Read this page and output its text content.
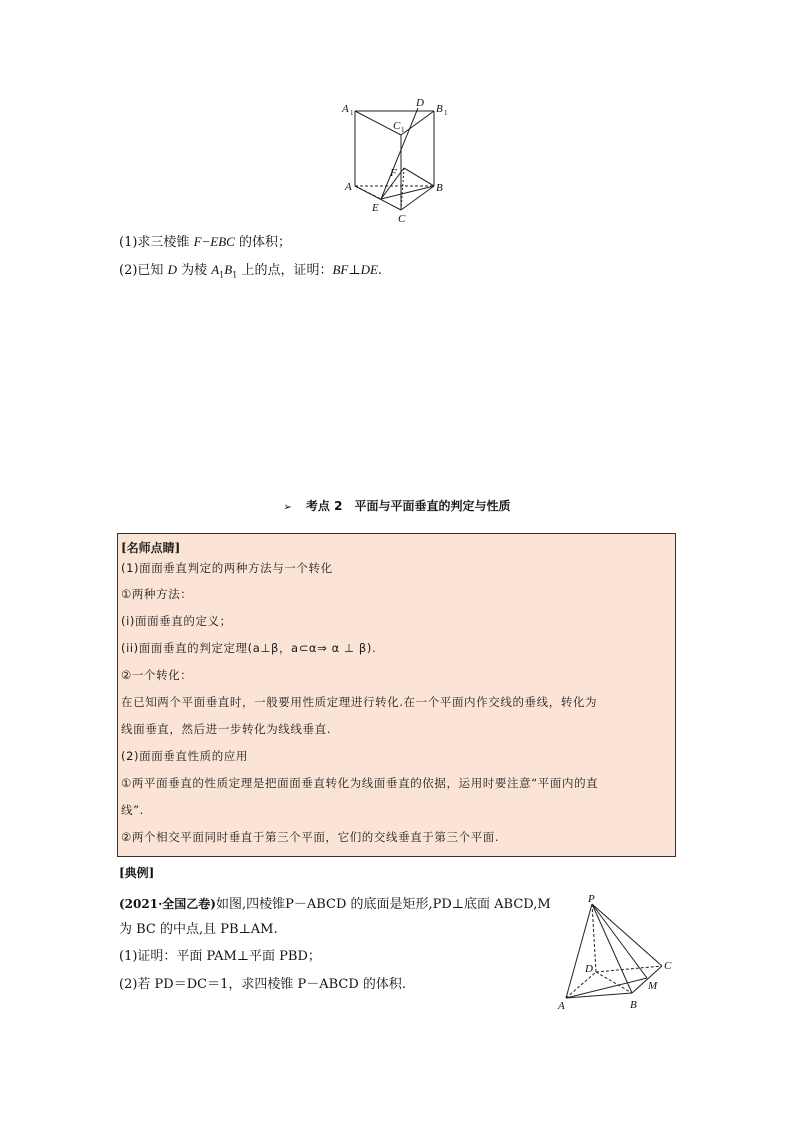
A 1
D B 1
C 1
F
A	B
E
C
(1)求三棱锥 F−EBC 的体积；
(2)已知 D 为棱 $A_1B_1$ 上的点，证明：BF⊥DE.
➢ 考点 2　平面与平面垂直的判定与性质
[名师点睛]
(1)面面垂直判定的两种方法与一个转化
①两种方法：
(i)面面垂直的定义；
(ii)面面垂直的判定定理(a⊥β，a⊂α⇒ α ⊥ β).
②一个转化：
在已知两个平面垂直时，一般要用性质定理进行转化.在一个平面内作交线的垂线，转化为
线面垂直，然后进一步转化为线线垂直.
(2)面面垂直性质的应用
①两平面垂直的性质定理是把面面垂直转化为线面垂直的依据，运用时要注意“平面内的直
线”.
②两个相交平面同时垂直于第三个平面，它们的交线垂直于第三个平面.
[典例]
(2021·全国乙卷)如图,四棱锥P－ABCD 的底面是矩形,PD⊥底面 ABCD,M
为 BC 的中点,且 PB⊥AM.
(1)证明：平面 PAM⊥平面 PBD；
(2)若 PD＝DC＝1，求四棱锥 P－ABCD 的体积.
P
D	C
M
A	B
